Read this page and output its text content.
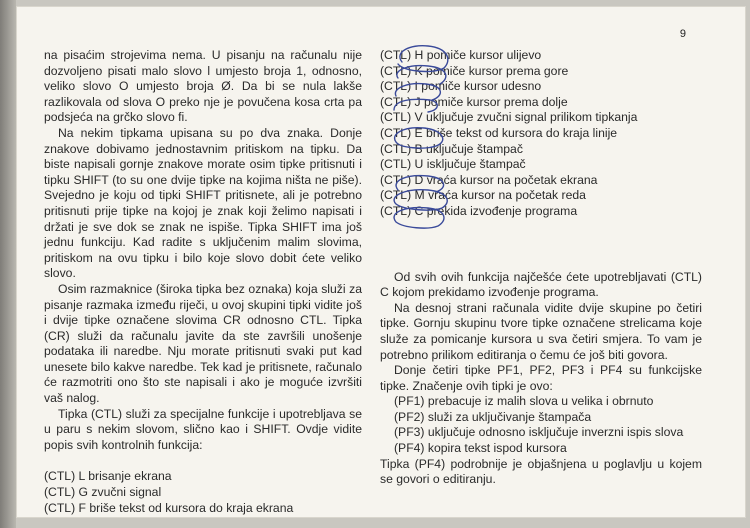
9

na pisaćim strojevima nema. U pisanju na računalu nije dozvoljeno pisati malo slovo l umjesto broja 1, odnosno, veliko slovo O umjesto broja Ø. Da bi se nula lakše razlikovala od slova O preko nje je povučena kosa crta pa podsjeća na grčko slovo fi.

Na nekim tipkama upisana su po dva znaka. Donje znakove dobivamo jednostavnim pritiskom na tipku. Da biste napisali gornje znakove morate osim tipke pritisnuti i tipku SHIFT (to su one dvije tipke na kojima ništa ne piše). Svejedno je koju od tipki SHIFT pritisnete, ali je potrebno pritisnuti prije tipke na kojoj je znak koji želimo napisati i držati je sve dok se znak ne ispiše. Tipka SHIFT ima još jednu funkciju. Kad radite s uključenim malim slovima, pritiskom na ovu tipku i bilo koje slovo dobit ćete veliko slovo.

Osim razmaknice (široka tipka bez oznaka) koja služi za pisanje razmaka između riječi, u ovoj skupini tipki vidite još i dvije tipke označene slovima CR odnosno CTL. Tipka (CR) služi da računalu javite da ste završili unošenje podataka ili naredbe. Nju morate pritisnuti svaki put kad unesete bilo kakve naredbe. Tek kad je pritisnete, računalo će razmotriti ono što ste napisali i ako je moguće izvršiti vaš nalog.

Tipka (CTL) služi za specijalne funkcije i upotrebljava se u paru s nekim slovom, slično kao i SHIFT. Ovdje vidite popis svih kontrolnih funkcija:

(CTL) L brisanje ekrana
(CTL) G zvučni signal
(CTL) F briše tekst od kursora do kraja ekrana
(CTL) H pomiče kursor ulijevo
(CTL) K pomiče kursor prema gore
(CTL) I pomiče kursor udesno
(CTL) J pomiče kursor prema dolje
(CTL) V uključuje zvučni signal prilikom tipkanja
(CTL) E briše tekst od kursora do kraja linije
(CTL) B uključuje štampač
(CTL) U isključuje štampač
(CTL) D vraća kursor na početak ekrana
(CTL) M vraća kursor na početak reda
(CTL) C prekida izvođenje programa

Od svih ovih funkcija najčešće ćete upotrebljavati (CTL) C kojom prekidamo izvođenje programa.

Na desnoj strani računala vidite dvije skupine po četiri tipke. Gornju skupinu tvore tipke označene strelicama koje služe za pomicanje kursora u sva četiri smjera. To vam je potrebno prilikom editiranja o čemu će još biti govora.

Donje četiri tipke PF1, PF2, PF3 i PF4 su funkcijske tipke. Značenje ovih tipki je ovo:

(PF1) prebacuje iz malih slova u velika i obrnuto

(PF2) služi za uključivanje štampača

(PF3) uključuje odnosno isključuje inverzni ispis slova

(PF4) kopira tekst ispod kursora

Tipka (PF4) podrobnije je objašnjena u poglavlju u kojem se govori o editiranju.
